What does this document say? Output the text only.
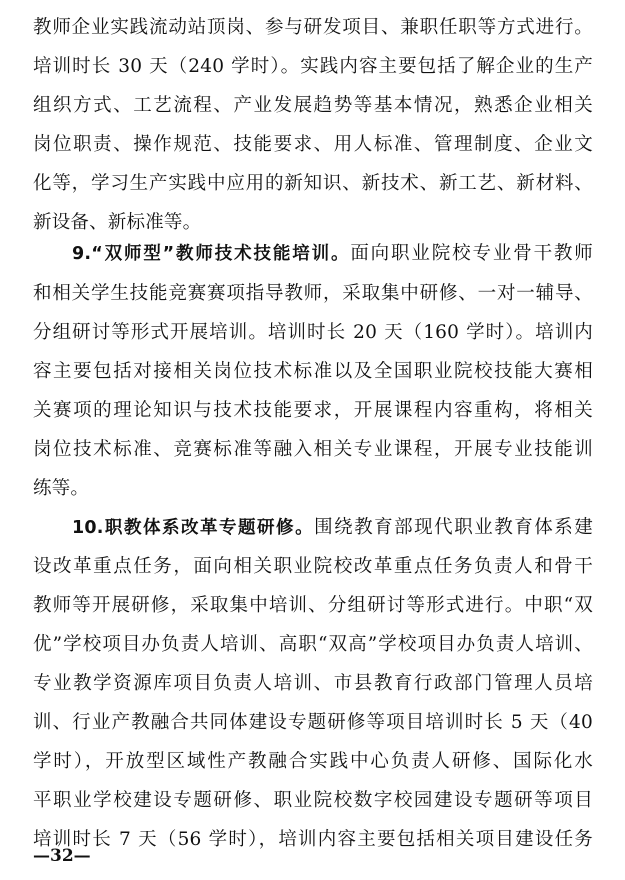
教师企业实践流动站顶岗、参与研发项目、兼职任职等方式进行。
培训时长 30 天（240 学时）。实践内容主要包括了解企业的生产
组织方式、工艺流程、产业发展趋势等基本情况，熟悉企业相关
岗位职责、操作规范、技能要求、用人标准、管理制度、企业文
化等，学习生产实践中应用的新知识、新技术、新工艺、新材料、
新设备、新标准等。
9.“双师型”教师技术技能培训。面向职业院校专业骨干教师
和相关学生技能竞赛赛项指导教师，采取集中研修、一对一辅导、
分组研讨等形式开展培训。培训时长 20 天（160 学时）。培训内
容主要包括对接相关岗位技术标准以及全国职业院校技能大赛相
关赛项的理论知识与技术技能要求，开展课程内容重构，将相关
岗位技术标准、竞赛标准等融入相关专业课程，开展专业技能训
练等。
10.职教体系改革专题研修。围绕教育部现代职业教育体系建
设改革重点任务，面向相关职业院校改革重点任务负责人和骨干
教师等开展研修，采取集中培训、分组研讨等形式进行。中职“双
优”学校项目办负责人培训、高职“双高”学校项目办负责人培训、
专业教学资源库项目负责人培训、市县教育行政部门管理人员培
训、行业产教融合共同体建设专题研修等项目培训时长 5 天（40
学时），开放型区域性产教融合实践中心负责人研修、国际化水
平职业学校建设专题研修、职业院校数字校园建设专题研等项目
培训时长 7 天（56 学时），培训内容主要包括相关项目建设任务
—32—
